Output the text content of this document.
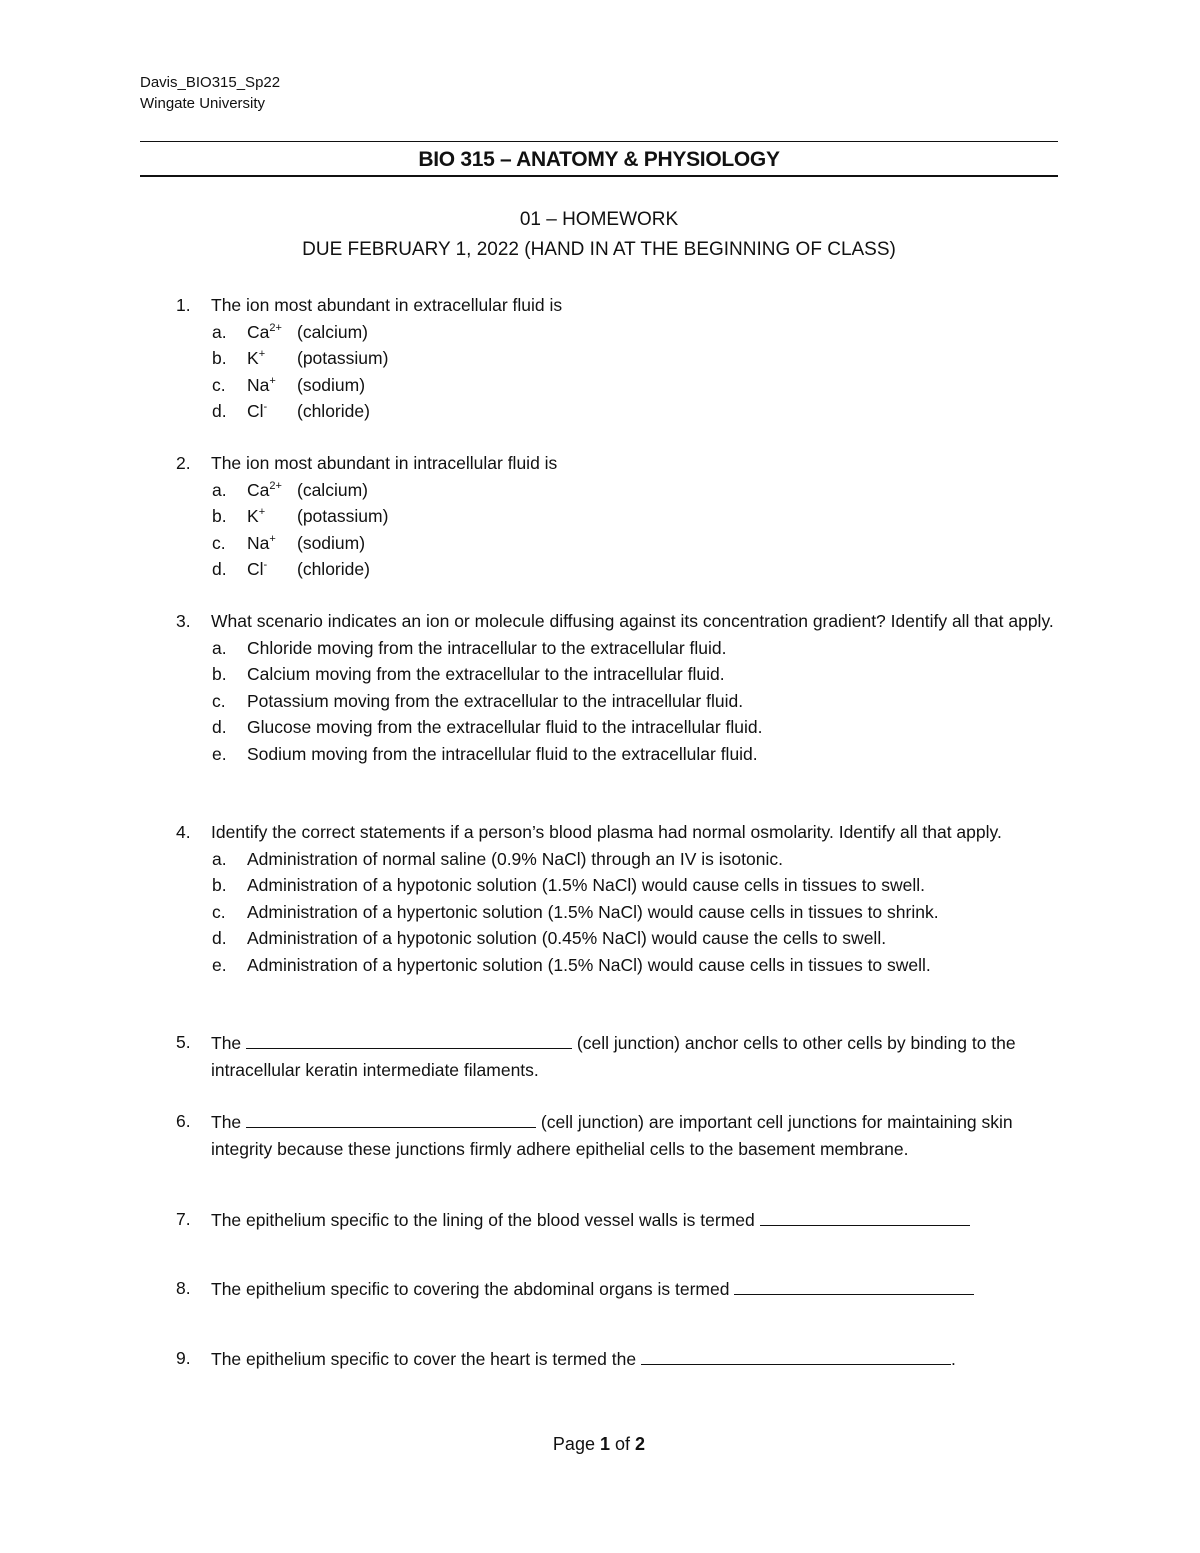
Davis_BIO315_Sp22
Wingate University
BIO 315 – ANATOMY & PHYSIOLOGY
01 – HOMEWORK
DUE FEBRUARY 1, 2022 (HAND IN AT THE BEGINNING OF CLASS)
1. The ion most abundant in extracellular fluid is
a. $Ca^{2+}$ (calcium)
b. K+ (potassium)
c. Na+ (sodium)
d. Cl- (chloride)
2. The ion most abundant in intracellular fluid is
a. $Ca^{2+}$ (calcium)
b. K+ (potassium)
c. Na+ (sodium)
d. Cl- (chloride)
3. What scenario indicates an ion or molecule diffusing against its concentration gradient? Identify all that apply.
a. Chloride moving from the intracellular to the extracellular fluid.
b. Calcium moving from the extracellular to the intracellular fluid.
c. Potassium moving from the extracellular to the intracellular fluid.
d. Glucose moving from the extracellular fluid to the intracellular fluid.
e. Sodium moving from the intracellular fluid to the extracellular fluid.
4. Identify the correct statements if a person’s blood plasma had normal osmolarity. Identify all that apply.
a. Administration of normal saline (0.9% NaCl) through an IV is isotonic.
b. Administration of a hypotonic solution (1.5% NaCl) would cause cells in tissues to swell.
c. Administration of a hypertonic solution (1.5% NaCl) would cause cells in tissues to shrink.
d. Administration of a hypotonic solution (0.45% NaCl) would cause the cells to swell.
e. Administration of a hypertonic solution (1.5% NaCl) would cause cells in tissues to swell.
5. The	(cell junction) anchor cells to other cells by binding to the intracellular keratin intermediate filaments.
6. The	(cell junction) are important cell junctions for maintaining skin integrity because these junctions firmly adhere epithelial cells to the basement membrane.
7. The epithelium specific to the lining of the blood vessel walls is termed
8. The epithelium specific to covering the abdominal organs is termed
9. The epithelium specific to cover the heart is termed the	.
Page 1 of 2
